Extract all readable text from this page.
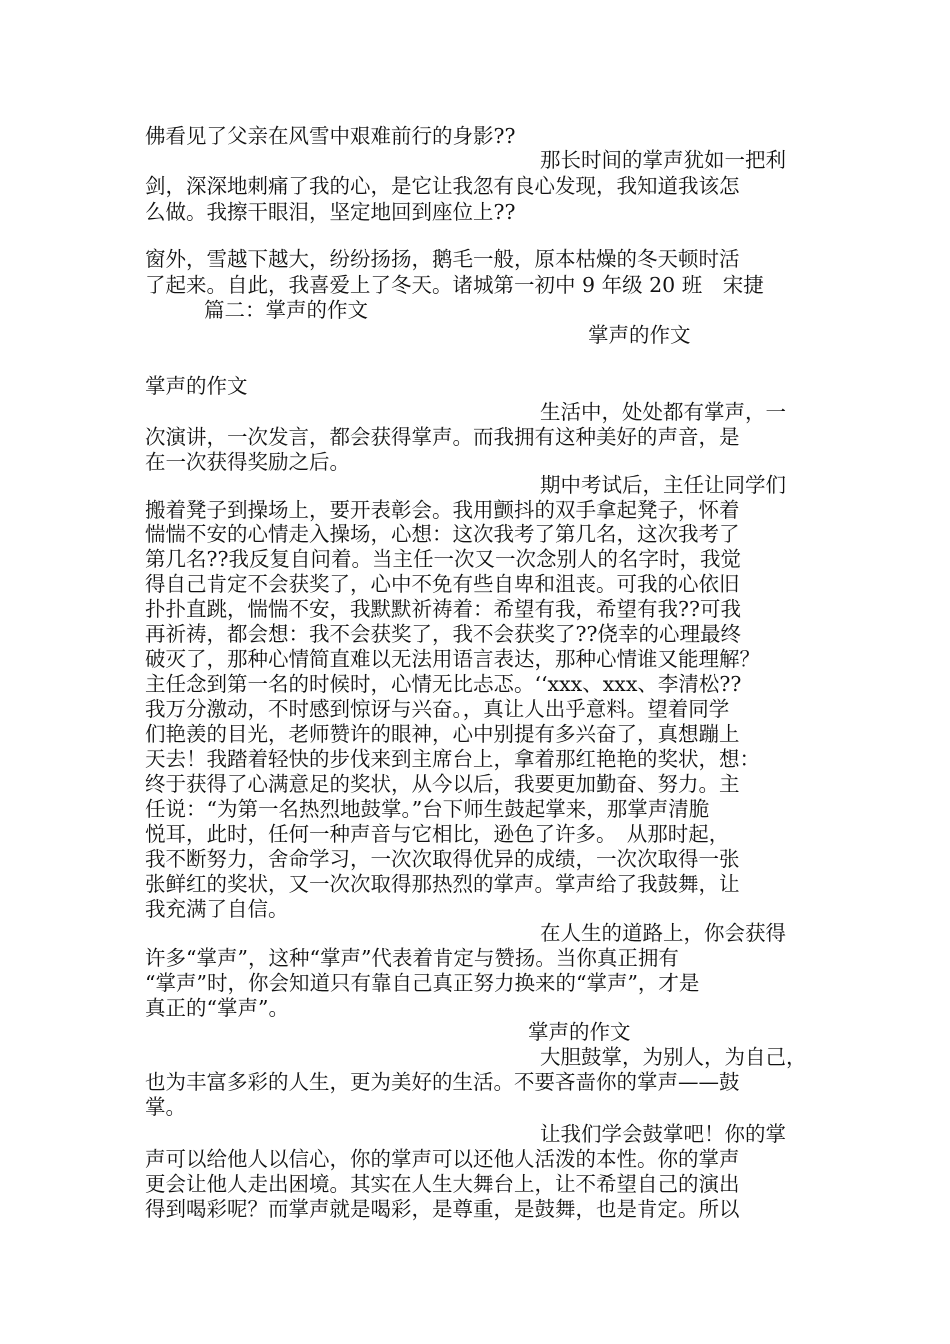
佛看见了父亲在风雪中艰难前行的身影??
那长时间的掌声犹如一把利
剑，深深地刺痛了我的心，是它让我忽有良心发现，我知道我该怎
么做。我擦干眼泪，坚定地回到座位上??
窗外，雪越下越大，纷纷扬扬，鹅毛一般，原本枯燥的冬天顿时活
了起来。自此，我喜爱上了冬天。诸城第一初中 9 年级 20 班　宋捷
篇二：掌声的作文
掌声的作文
掌声的作文
生活中，处处都有掌声，一
次演讲，一次发言，都会获得掌声。而我拥有这种美好的声音，是
在一次获得奖励之后。
期中考试后，主任让同学们
搬着凳子到操场上，要开表彰会。我用颤抖的双手拿起凳子，怀着
惴惴不安的心情走入操场，心想：这次我考了第几名，这次我考了
第几名??我反复自问着。当主任一次又一次念别人的名字时，我觉
得自己肯定不会获奖了，心中不免有些自卑和沮丧。可我的心依旧
扑扑直跳，惴惴不安，我默默祈祷着：希望有我，希望有我??可我
再祈祷，都会想：我不会获奖了，我不会获奖了??侥幸的心理最终
破灭了，那种心情简直难以无法用语言表达，那种心情谁又能理解？
主任念到第一名的时候时，心情无比忐忑。‘‘xxx、xxx、李清松??
我万分激动，不时感到惊讶与兴奋。，真让人出乎意料。望着同学
们艳羡的目光，老师赞许的眼神，心中别提有多兴奋了，真想蹦上
天去！我踏着轻快的步伐来到主席台上，拿着那红艳艳的奖状，想：
终于获得了心满意足的奖状，从今以后，我要更加勤奋、努力。主
任说：“为第一名热烈地鼓掌。”台下师生鼓起掌来，那掌声清脆
悦耳，此时，任何一种声音与它相比，逊色了许多。　从那时起，
我不断努力，舍命学习，一次次取得优异的成绩，一次次取得一张
张鲜红的奖状，又一次次取得那热烈的掌声。掌声给了我鼓舞，让
我充满了自信。
在人生的道路上，你会获得
许多“掌声”，这种“掌声”代表着肯定与赞扬。当你真正拥有
“掌声”时，你会知道只有靠自己真正努力换来的“掌声”，才是
真正的“掌声”。
掌声的作文
大胆鼓掌，为别人，为自己，
也为丰富多彩的人生，更为美好的生活。不要吝啬你的掌声——鼓
掌。
让我们学会鼓掌吧！你的掌
声可以给他人以信心，你的掌声可以还他人活泼的本性。你的掌声
更会让他人走出困境。其实在人生大舞台上，让不希望自己的演出
得到喝彩呢？而掌声就是喝彩，是尊重，是鼓舞，也是肯定。所以
